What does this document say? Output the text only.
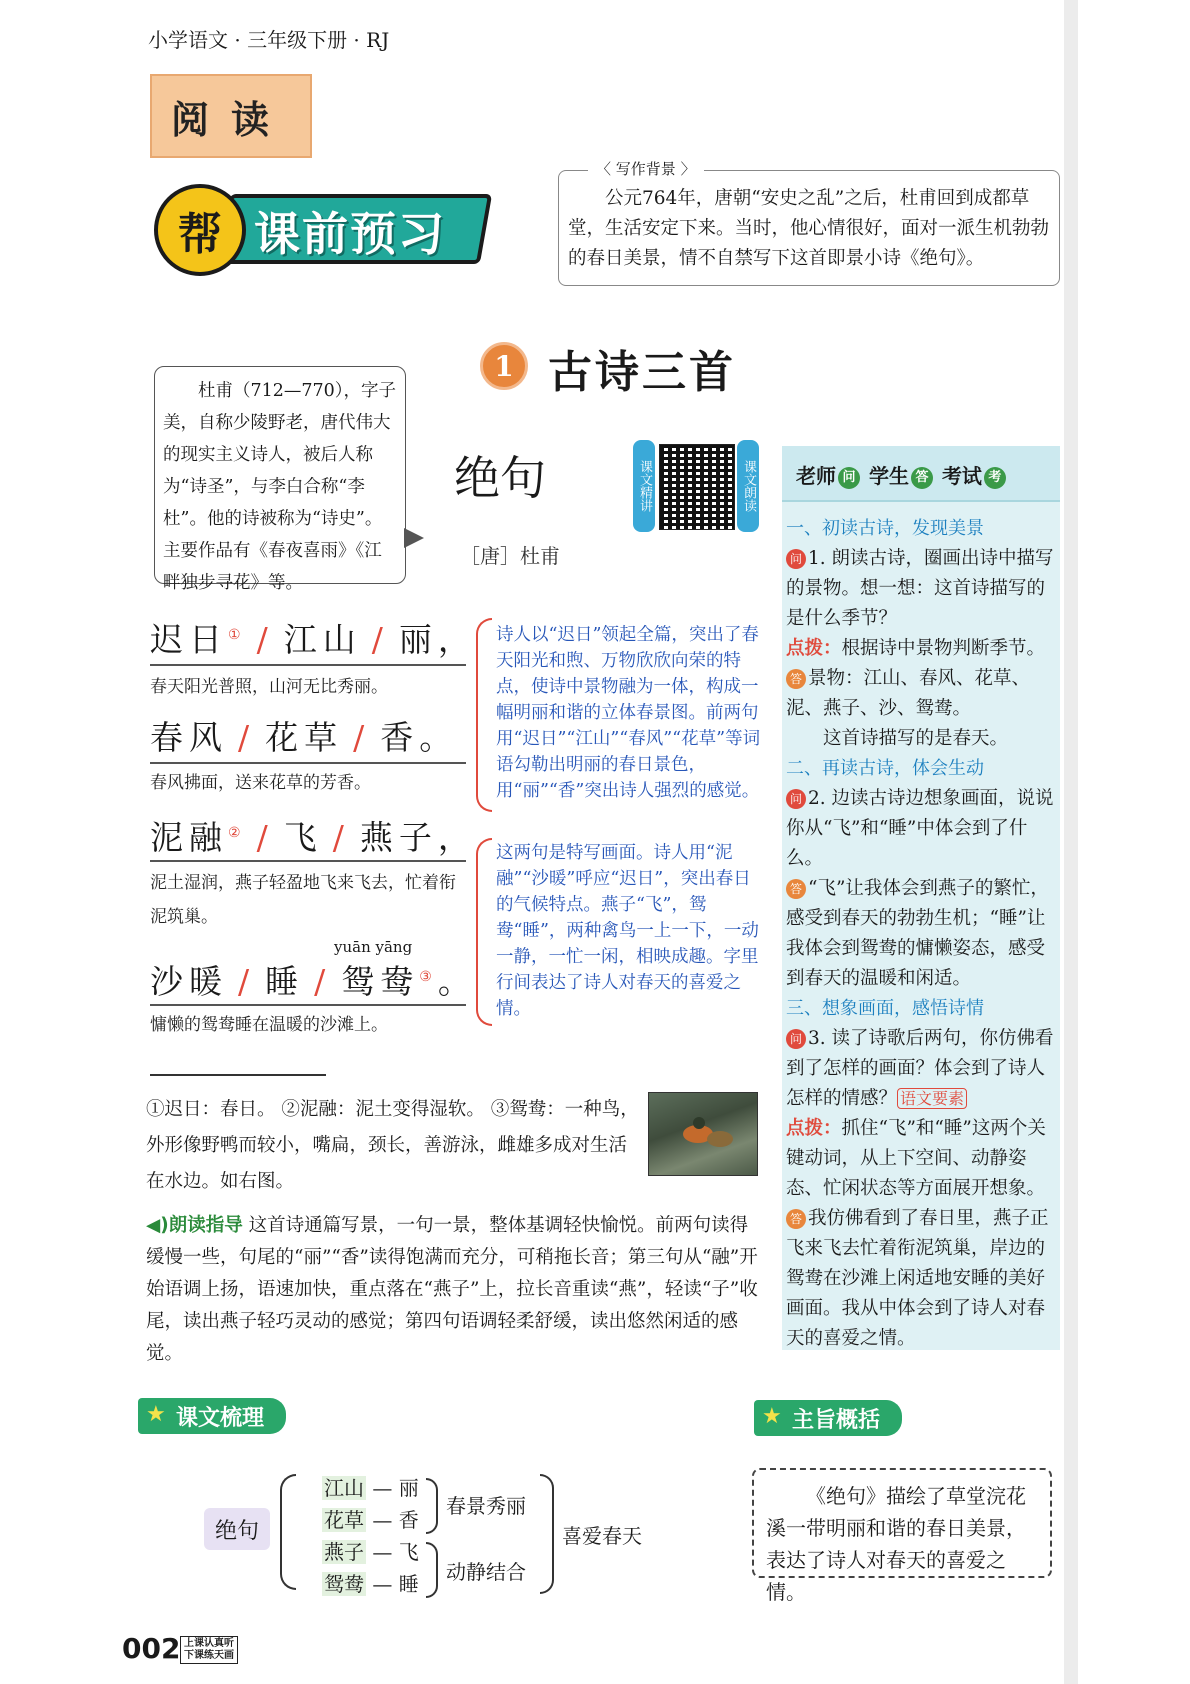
小学语文 · 三年级下册 · RJ
阅读
帮 课前预习
〈 写作背景 〉
公元764年，唐朝“安史之乱”之后，杜甫回到成都草堂，生活安定下来。当时，他心情很好，面对一派生机勃勃的春日美景，情不自禁写下这首即景小诗《绝句》。
1 古诗三首
杜甫（712—770），字子美，自称少陵野老，唐代伟大的现实主义诗人，被后人称为“诗圣”，与李白合称“李杜”。他的诗被称为“诗史”。主要作品有《春夜喜雨》《江畔独步寻花》等。
绝句
［唐］杜甫
课文精讲	课文朗读
迟日① / 江山 / 丽，
春天阳光普照，山河无比秀丽。
春风 / 花草 / 香。
春风拂面，送来花草的芳香。
泥融② / 飞 / 燕子，
泥土湿润，燕子轻盈地飞来飞去，忙着衔泥筑巢。
yuān yāng
沙暖 / 睡 / 鸳鸯③。
慵懒的鸳鸯睡在温暖的沙滩上。
诗人以“迟日”领起全篇，突出了春天阳光和煦、万物欣欣向荣的特点，使诗中景物融为一体，构成一幅明丽和谐的立体春景图。前两句用“迟日”“江山”“春风”“花草”等词语勾勒出明丽的春日景色，用“丽”“香”突出诗人强烈的感觉。
这两句是特写画面。诗人用“泥融”“沙暖”呼应“迟日”，突出春日的气候特点。燕子“飞”，鸳鸯“睡”，两种禽鸟一上一下，一动一静，一忙一闲，相映成趣。字里行间表达了诗人对春天的喜爱之情。
老师 问 学生 答 考试 考

一、初读古诗，发现美景

问 1. 朗读古诗，圈画出诗中描写的景物。想一想：这首诗描写的是什么季节？

点拨：根据诗中景物判断季节。

答 景物：江山、春风、花草、泥、燕子、沙、鸳鸯。

这首诗描写的是春天。

二、再读古诗，体会生动

问 2. 边读古诗边想象画面，说说你从“飞”和“睡”中体会到了什么。

答 “飞”让我体会到燕子的繁忙，感受到春天的勃勃生机；“睡”让我体会到鸳鸯的慵懒姿态，感受到春天的温暖和闲适。

三、想象画面，感悟诗情

问 3. 读了诗歌后两句，你仿佛看到了怎样的画面？体会到了诗人怎样的情感？ 语文要素

点拨：抓住“飞”和“睡”这两个关键动词，从上下空间、动静姿态、忙闲状态等方面展开想象。

答 我仿佛看到了春日里，燕子正飞来飞去忙着衔泥筑巢，岸边的鸳鸯在沙滩上闲适地安睡的美好画面。我从中体会到了诗人对春天的喜爱之情。

①迟日：春日。 ②泥融：泥土变得湿软。 ③鸳鸯：一种鸟，外形像野鸭而较小，嘴扁，颈长，善游泳，雌雄多成对生活在水边。如右图。
◀)朗读指导 这首诗通篇写景，一句一景，整体基调轻快愉悦。前两句读得缓慢一些，句尾的“丽”“香”读得饱满而充分，可稍拖长音；第三句从“融”开始语调上扬，语速加快，重点落在“燕子”上，拉长音重读“燕”，轻读“子”收尾，读出燕子轻巧灵动的感觉；第四句语调轻柔舒缓，读出悠然闲适的感觉。
★ 课文梳理	★ 主旨概括
绝句
江山 — 丽
花草 — 香
燕子 — 飞
鸳鸯 — 睡
春景秀丽
动静结合
喜爱春天
《绝句》描绘了草堂浣花溪一带明丽和谐的春日美景，表达了诗人对春天的喜爱之情。
002 上课认真听
下课练天画
